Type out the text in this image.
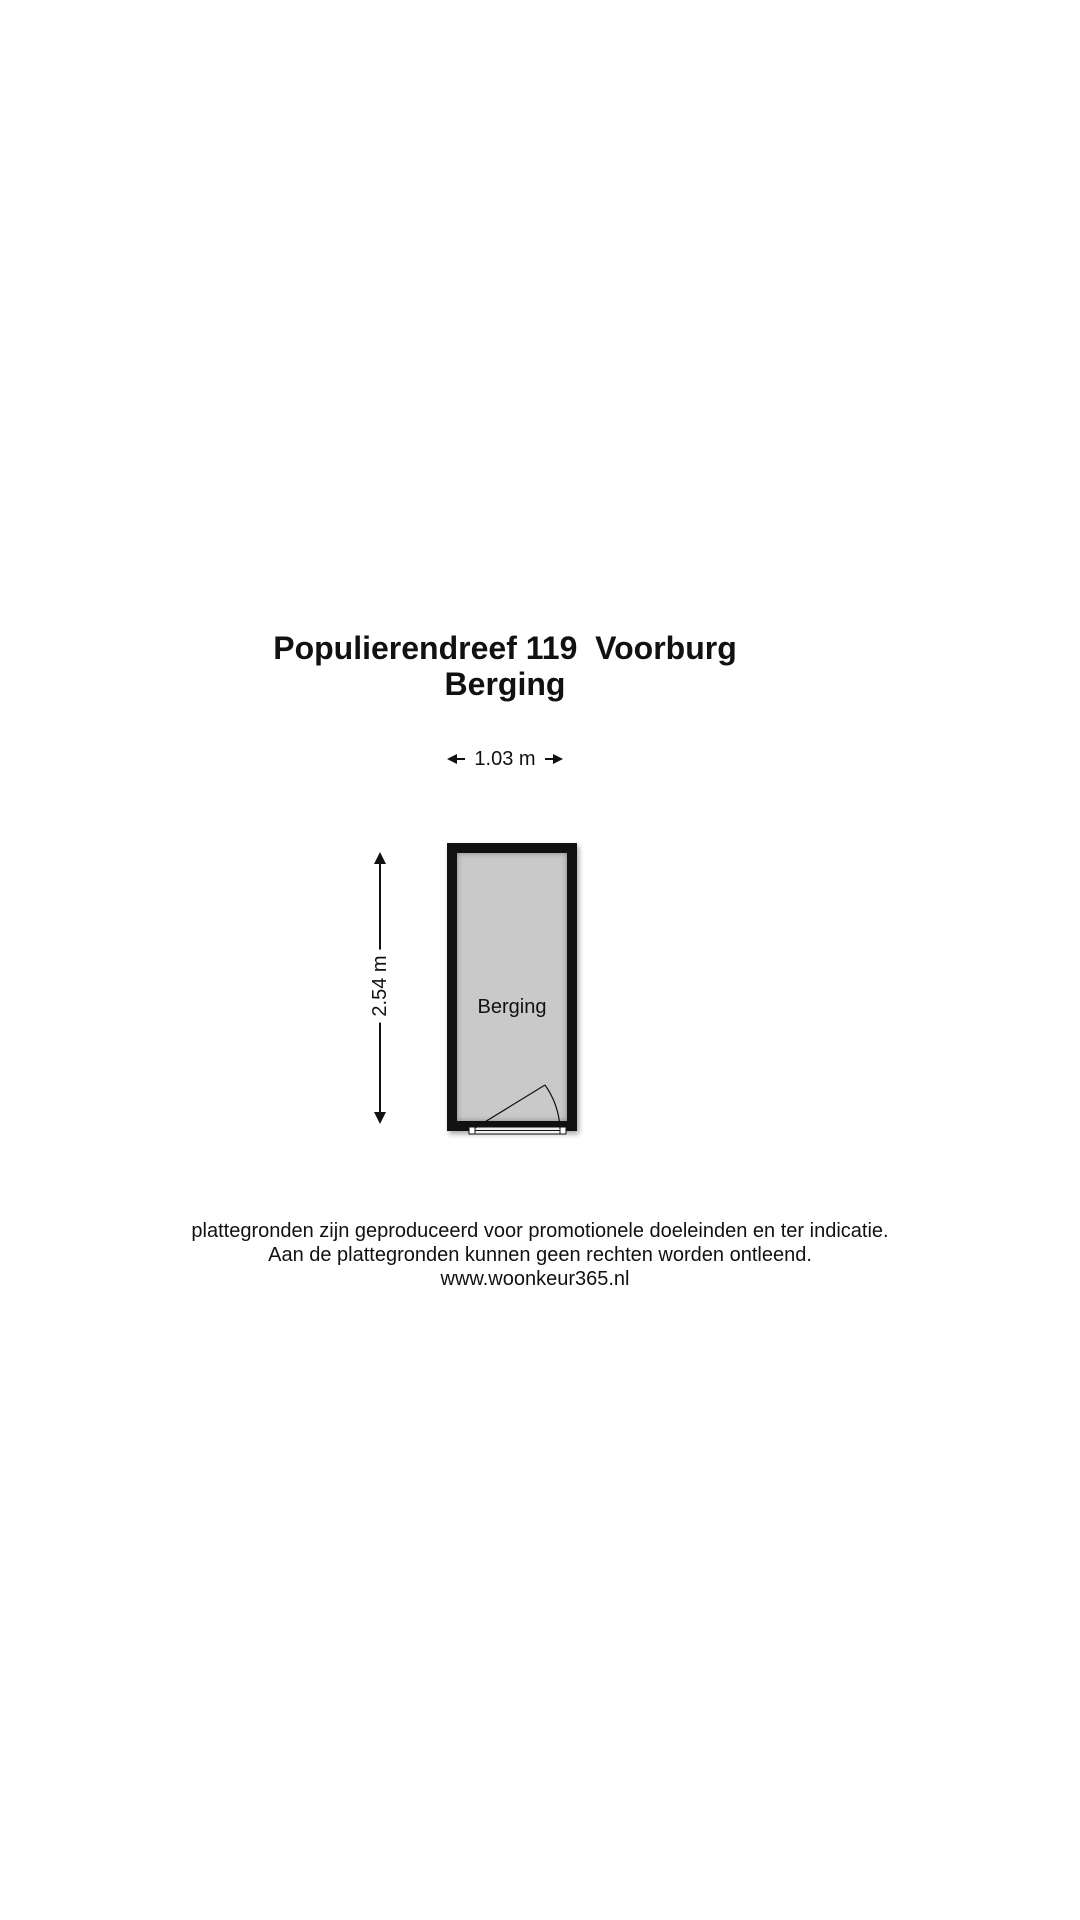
Populierendreef 119  Voorburg
Berging
1.03 m
2.54 m	Berging
plattegronden zijn geproduceerd voor promotionele doeleinden en ter indicatie.
Aan de plattegronden kunnen geen rechten worden ontleend.
www.woonkeur365.nl
